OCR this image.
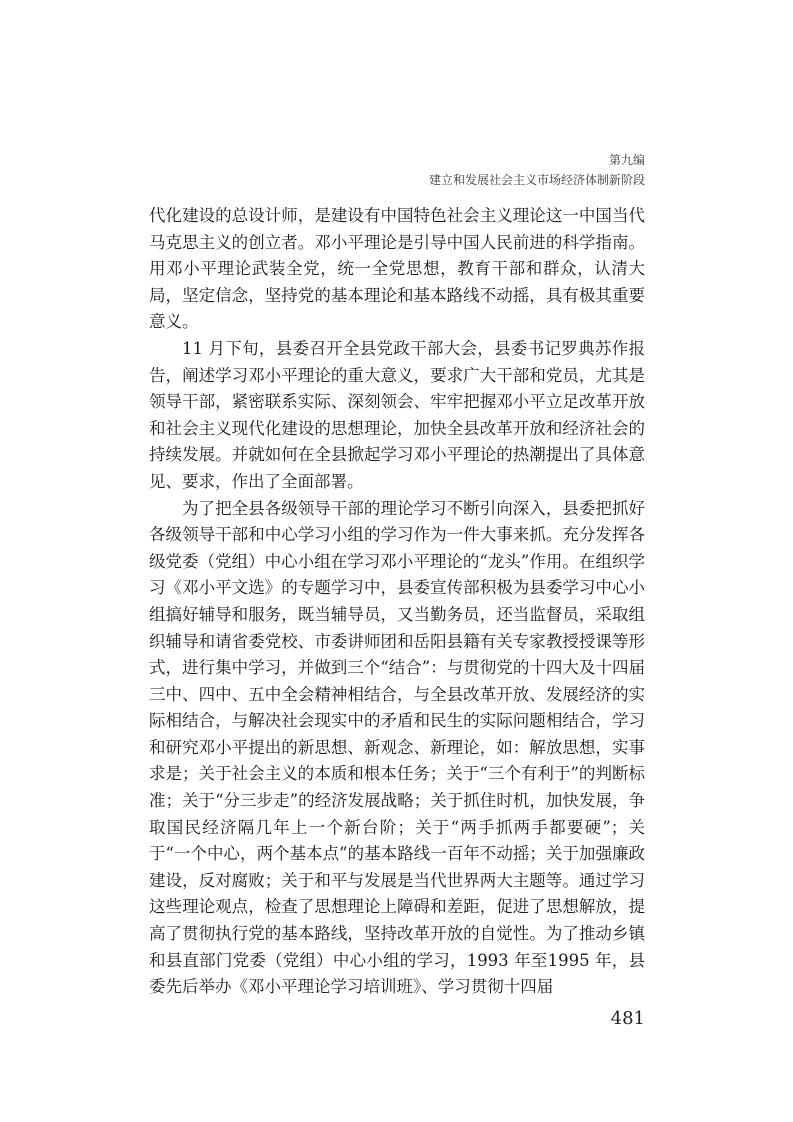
第九编
建立和发展社会主义市场经济体制新阶段

代化建设的总设计师，是建设有中国特色社会主义理论这一中国当代马克思主义的创立者。邓小平理论是引导中国人民前进的科学指南。用邓小平理论武装全党，统一全党思想，教育干部和群众，认清大局，坚定信念，坚持党的基本理论和基本路线不动摇，具有极其重要意义。

11 月下旬，县委召开全县党政干部大会，县委书记罗典苏作报告，阐述学习邓小平理论的重大意义，要求广大干部和党员，尤其是领导干部，紧密联系实际、深刻领会、牢牢把握邓小平立足改革开放和社会主义现代化建设的思想理论，加快全县改革开放和经济社会的持续发展。并就如何在全县掀起学习邓小平理论的热潮提出了具体意见、要求，作出了全面部署。

为了把全县各级领导干部的理论学习不断引向深入，县委把抓好各级领导干部和中心学习小组的学习作为一件大事来抓。充分发挥各级党委（党组）中心小组在学习邓小平理论的“龙头”作用。在组织学习《邓小平文选》的专题学习中，县委宣传部积极为县委学习中心小组搞好辅导和服务，既当辅导员，又当勤务员，还当监督员，采取组织辅导和请省委党校、市委讲师团和岳阳县籍有关专家教授授课等形式，进行集中学习，并做到三个“结合”：与贯彻党的十四大及十四届三中、四中、五中全会精神相结合，与全县改革开放、发展经济的实际相结合，与解决社会现实中的矛盾和民生的实际问题相结合，学习和研究邓小平提出的新思想、新观念、新理论，如：解放思想，实事求是；关于社会主义的本质和根本任务；关于“三个有利于”的判断标准；关于“分三步走”的经济发展战略；关于抓住时机，加快发展，争取国民经济隔几年上一个新台阶；关于“两手抓两手都要硬”；关于“一个中心，两个基本点”的基本路线一百年不动摇；关于加强廉政建设，反对腐败；关于和平与发展是当代世界两大主题等。通过学习这些理论观点，检查了思想理论上障碍和差距，促进了思想解放，提高了贯彻执行党的基本路线，坚持改革开放的自觉性。为了推动乡镇和县直部门党委（党组）中心小组的学习，1993 年至1995 年，县委先后举办《邓小平理论学习培训班》、学习贯彻十四届

481
